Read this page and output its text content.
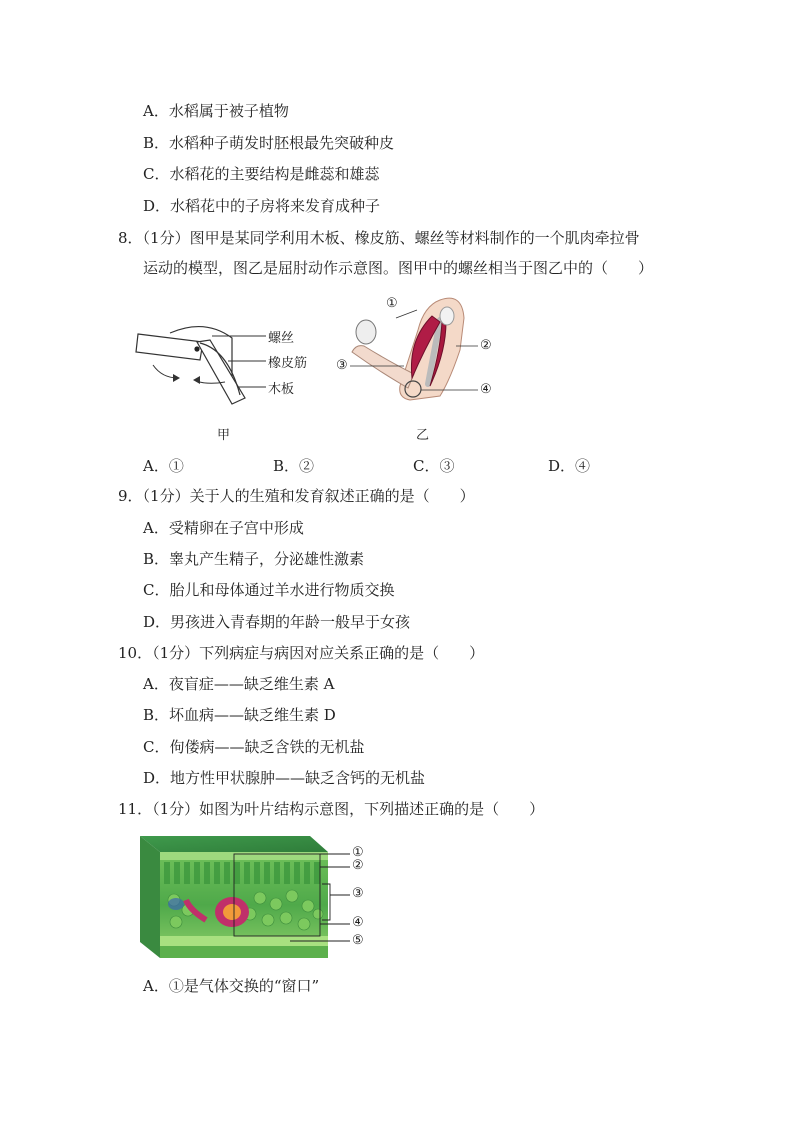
A．水稻属于被子植物
B．水稻种子萌发时胚根最先突破种皮
C．水稻花的主要结构是雌蕊和雄蕊
D．水稻花中的子房将来发育成种子
8．（1分）图甲是某同学利用木板、橡皮筋、螺丝等材料制作的一个肌肉牵拉骨
运动的模型，图乙是屈肘动作示意图。图甲中的螺丝相当于图乙中的（　　）
螺丝
橡皮筋
木板
甲
①
②
③
④
乙
A．①	B．②	C．③	D．④
9．（1分）关于人的生殖和发育叙述正确的是（　　）
A．受精卵在子宫中形成
B．睾丸产生精子，分泌雄性激素
C．胎儿和母体通过羊水进行物质交换
D．男孩进入青春期的年龄一般早于女孩
10．（1分）下列病症与病因对应关系正确的是（　　）
A．夜盲症——缺乏维生素 A
B．坏血病——缺乏维生素 D
C．佝偻病——缺乏含铁的无机盐
D．地方性甲状腺肿——缺乏含钙的无机盐
11．（1分）如图为叶片结构示意图，下列描述正确的是（　　）
①
②
③
④
⑤
A．①是气体交换的“窗口”
